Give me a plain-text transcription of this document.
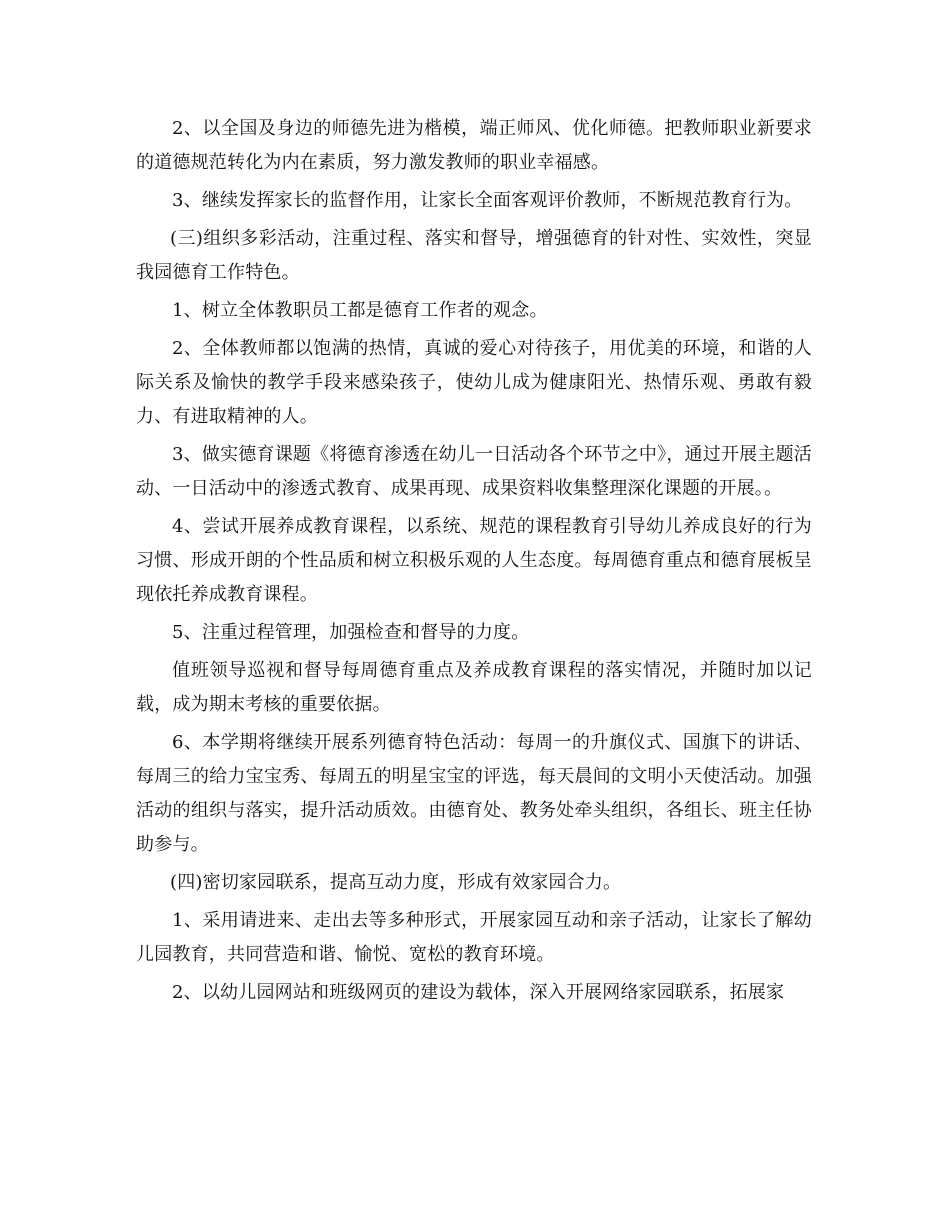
2、以全国及身边的师德先进为楷模，端正师风、优化师德。把教师职业新要求的道德规范转化为内在素质，努力激发教师的职业幸福感。

3、继续发挥家长的监督作用，让家长全面客观评价教师，不断规范教育行为。

(三)组织多彩活动，注重过程、落实和督导，增强德育的针对性、实效性，突显我园德育工作特色。

1、树立全体教职员工都是德育工作者的观念。

2、全体教师都以饱满的热情，真诚的爱心对待孩子，用优美的环境，和谐的人际关系及愉快的教学手段来感染孩子，使幼儿成为健康阳光、热情乐观、勇敢有毅力、有进取精神的人。

3、做实德育课题《将德育渗透在幼儿一日活动各个环节之中》，通过开展主题活动、一日活动中的渗透式教育、成果再现、成果资料收集整理深化课题的开展。。

4、尝试开展养成教育课程，以系统、规范的课程教育引导幼儿养成良好的行为习惯、形成开朗的个性品质和树立积极乐观的人生态度。每周德育重点和德育展板呈现依托养成教育课程。

5、注重过程管理，加强检查和督导的力度。

值班领导巡视和督导每周德育重点及养成教育课程的落实情况，并随时加以记载，成为期末考核的重要依据。

6、本学期将继续开展系列德育特色活动：每周一的升旗仪式、国旗下的讲话、每周三的给力宝宝秀、每周五的明星宝宝的评选，每天晨间的文明小天使活动。加强活动的组织与落实，提升活动质效。由德育处、教务处牵头组织，各组长、班主任协助参与。

(四)密切家园联系，提高互动力度，形成有效家园合力。

1、采用请进来、走出去等多种形式，开展家园互动和亲子活动，让家长了解幼儿园教育，共同营造和谐、愉悦、宽松的教育环境。

2、以幼儿园网站和班级网页的建设为载体，深入开展网络家园联系，拓展家
